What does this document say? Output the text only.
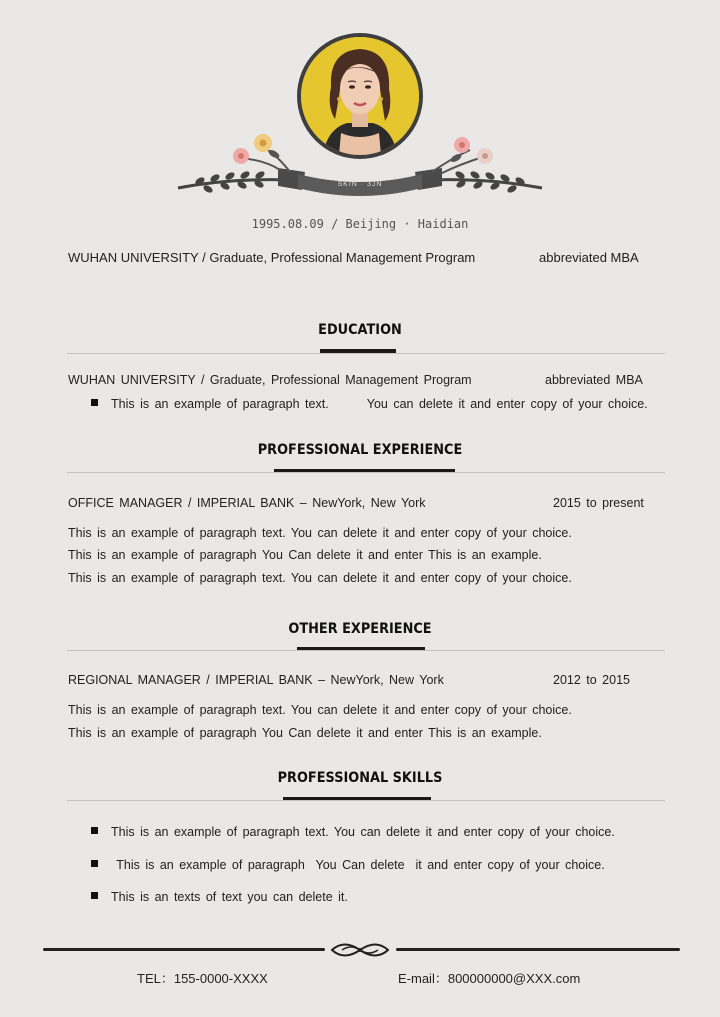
SKIN · 3JN
1995.08.09 / Beijing · Haidian
WUHAN UNIVERSITY / Graduate, Professional Management Program	abbreviated MBA
EDUCATION
WUHAN UNIVERSITY / Graduate, Professional Management Program	abbreviated MBA
This is an example of paragraph text.       You can delete it and enter copy of your choice.
PROFESSIONAL EXPERIENCE
OFFICE MANAGER / IMPERIAL BANK – NewYork, New York	2015 to present
This is an example of paragraph text. You can delete it and enter copy of your choice.
This is an example of paragraph You Can delete it and enter This is an example.
This is an example of paragraph text. You can delete it and enter copy of your choice.
OTHER EXPERIENCE
REGIONAL MANAGER / IMPERIAL BANK – NewYork, New York	2012 to 2015
This is an example of paragraph text. You can delete it and enter copy of your choice.
This is an example of paragraph You Can delete it and enter This is an example.
PROFESSIONAL SKILLS
This is an example of paragraph text. You can delete it and enter copy of your choice.
This is an example of paragraph  You Can delete  it and enter copy of your choice.
This is an texts of text you can delete it.
TEL：155-0000-XXXX	E-mail：800000000@XXX.com
